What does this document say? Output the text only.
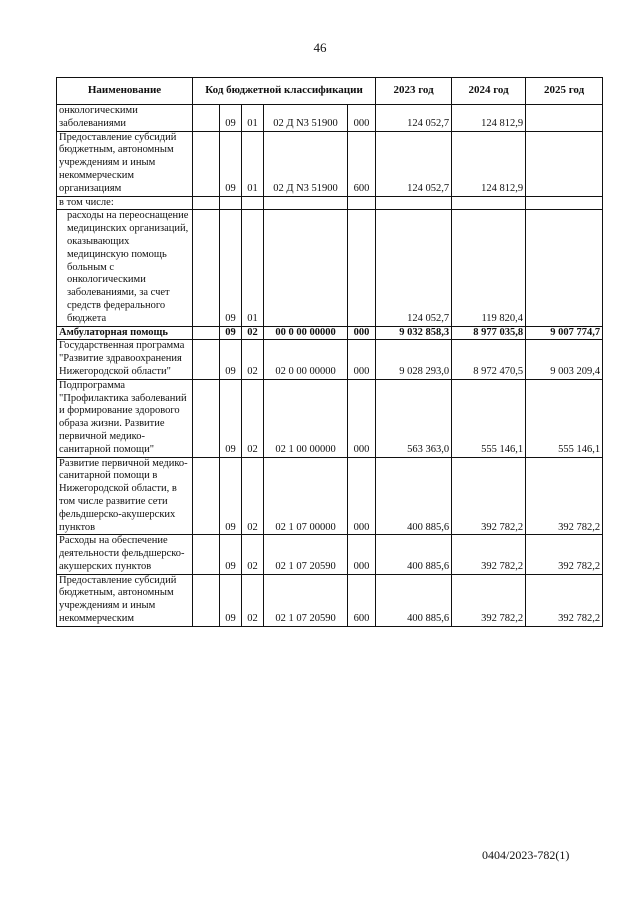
46
Наименование	Код бюджетной классификации					2023 год	2024 год	2025 год
онкологическими заболеваниями		09	01	02 Д N3 51900	000	124 052,7	124 812,9	
Предоставление субсидий бюджетным, автономным учреждениям и иным некоммерческим организациям		09	01	02 Д N3 51900	600	124 052,7	124 812,9	
в том числе:								
расходы на переоснащение медицинских организаций, оказывающих медицинскую помощь больным с онкологическими заболеваниями, за счет средств федерального бюджета		09	01			124 052,7	119 820,4	
Амбулаторная помощь		09	02	00 0 00 00000	000	9 032 858,3	8 977 035,8	9 007 774,7
Государственная программа "Развитие здравоохранения Нижегородской области"		09	02	02 0 00 00000	000	9 028 293,0	8 972 470,5	9 003 209,4
Подпрограмма "Профилактика заболеваний и формирование здорового образа жизни. Развитие первичной медико-санитарной помощи"		09	02	02 1 00 00000	000	563 363,0	555 146,1	555 146,1
Развитие первичной медико-санитарной помощи в Нижегородской области, в том числе развитие сети фельдшерско-акушерских пунктов		09	02	02 1 07 00000	000	400 885,6	392 782,2	392 782,2
Расходы на обеспечение деятельности фельдшерско-акушерских пунктов		09	02	02 1 07 20590	000	400 885,6	392 782,2	392 782,2
Предоставление субсидий бюджетным, автономным учреждениям и иным некоммерческим		09	02	02 1 07 20590	600	400 885,6	392 782,2	392 782,2
0404/2023-782(1)
